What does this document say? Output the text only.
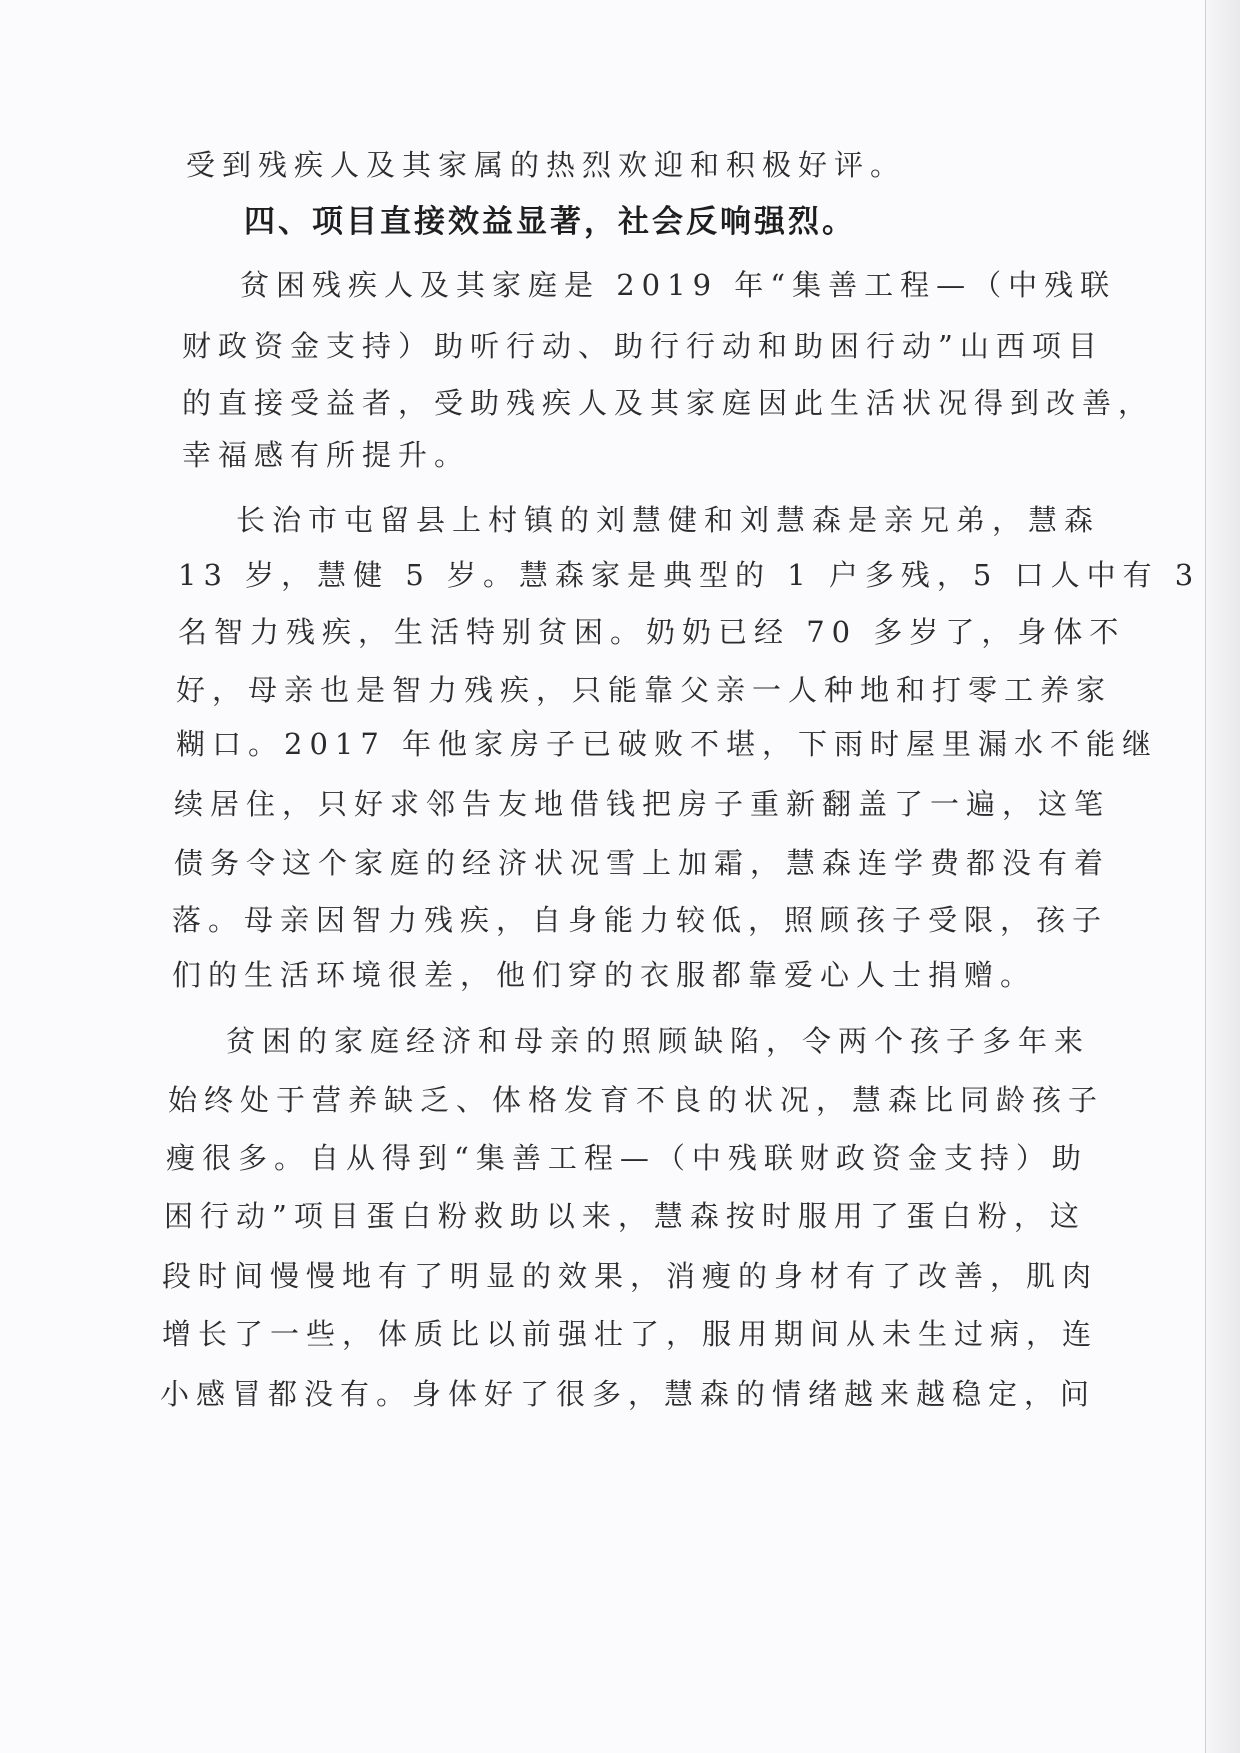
受到残疾人及其家属的热烈欢迎和积极好评。
四、项目直接效益显著，社会反响强烈。
贫困残疾人及其家庭是 2019 年“集善工程—（中残联
财政资金支持）助听行动、助行行动和助困行动”山西项目
的直接受益者，受助残疾人及其家庭因此生活状况得到改善，
幸福感有所提升。
长治市屯留县上村镇的刘慧健和刘慧森是亲兄弟，慧森
13 岁，慧健 5 岁。慧森家是典型的 1 户多残，5 口人中有 3
名智力残疾，生活特别贫困。奶奶已经 70 多岁了，身体不
好，母亲也是智力残疾，只能靠父亲一人种地和打零工养家
糊口。2017 年他家房子已破败不堪，下雨时屋里漏水不能继
续居住，只好求邻告友地借钱把房子重新翻盖了一遍，这笔
债务令这个家庭的经济状况雪上加霜，慧森连学费都没有着
落。母亲因智力残疾，自身能力较低，照顾孩子受限，孩子
们的生活环境很差，他们穿的衣服都靠爱心人士捐赠。
贫困的家庭经济和母亲的照顾缺陷，令两个孩子多年来
始终处于营养缺乏、体格发育不良的状况，慧森比同龄孩子
瘦很多。自从得到“集善工程—（中残联财政资金支持）助
困行动”项目蛋白粉救助以来，慧森按时服用了蛋白粉，这
段时间慢慢地有了明显的效果，消瘦的身材有了改善，肌肉
增长了一些，体质比以前强壮了，服用期间从未生过病，连
小感冒都没有。身体好了很多，慧森的情绪越来越稳定，问
